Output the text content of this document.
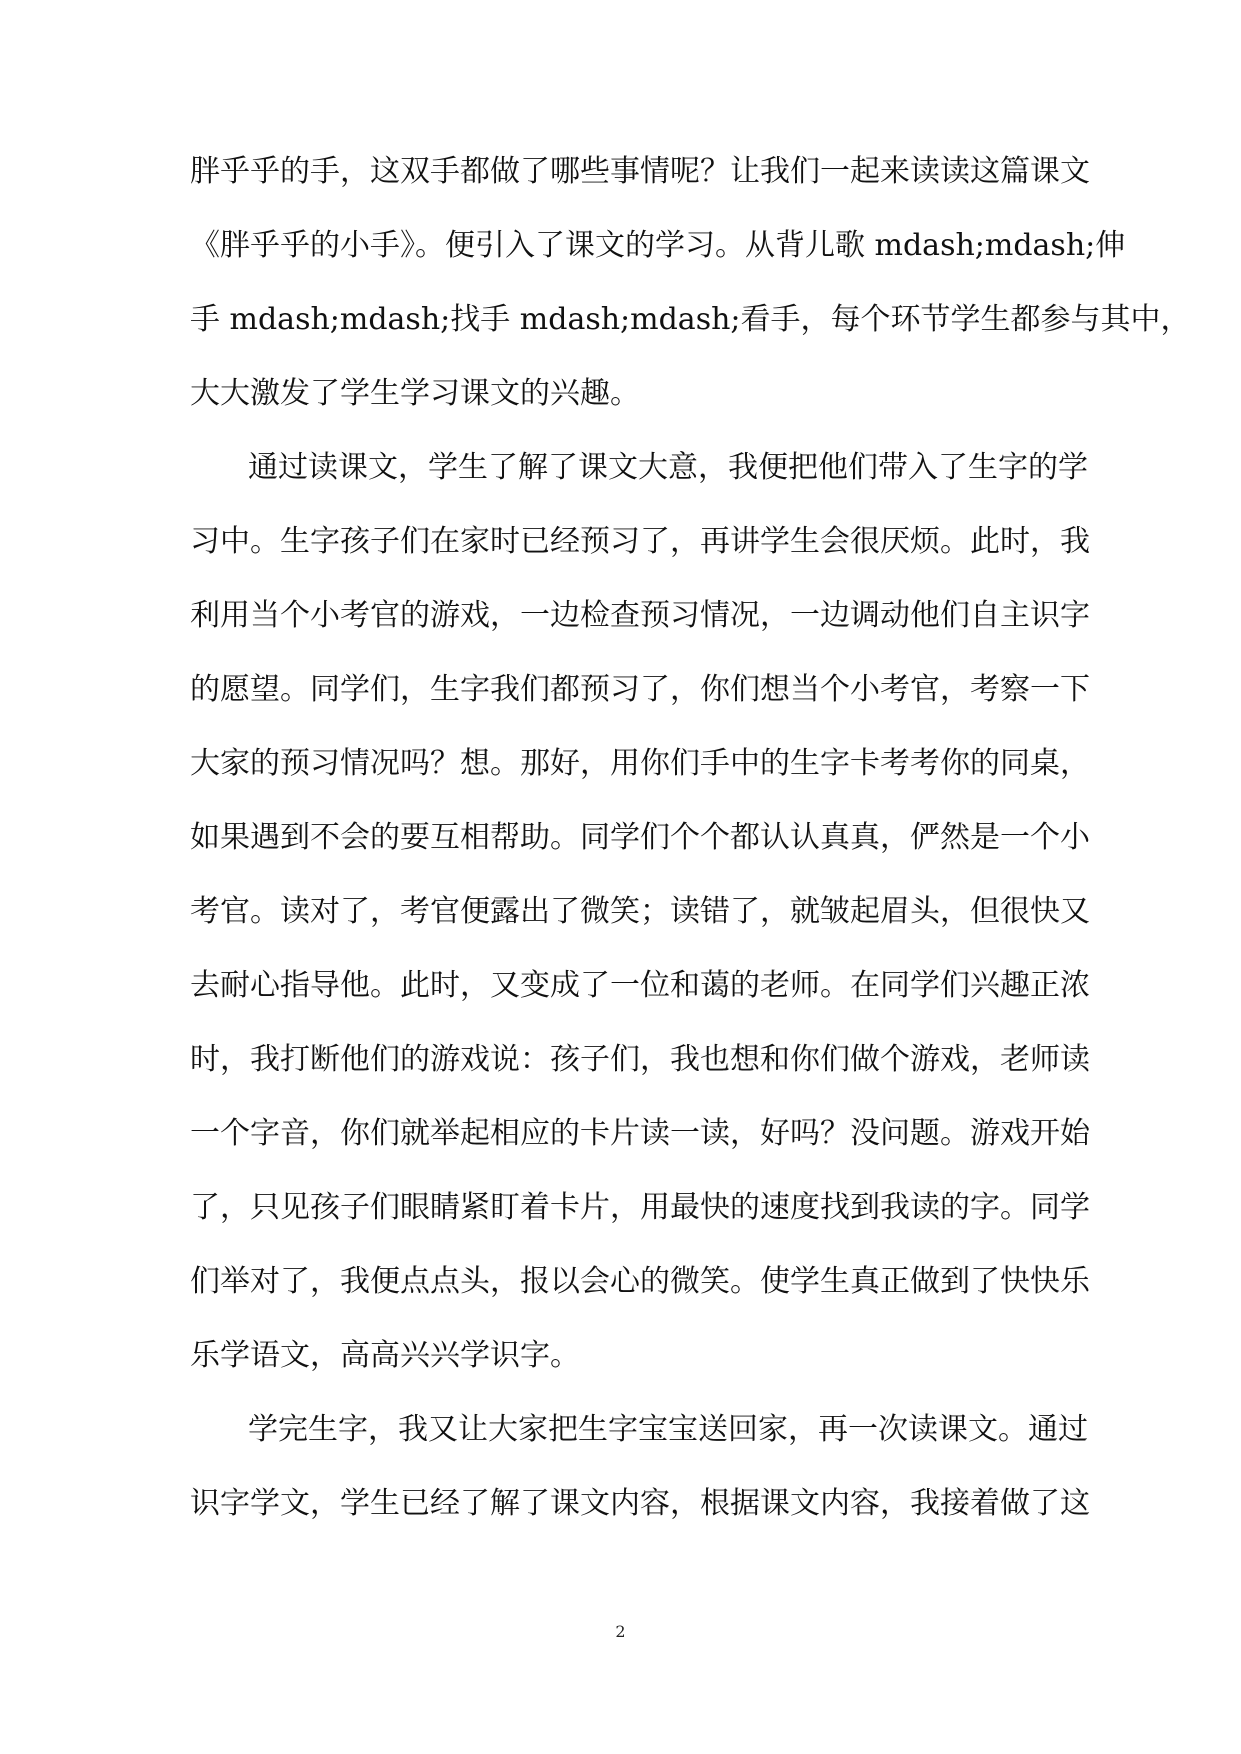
胖乎乎的手，这双手都做了哪些事情呢？让我们一起来读读这篇课文
《胖乎乎的小手》。便引入了课文的学习。从背儿歌 mdash;mdash;伸
手 mdash;mdash;找手 mdash;mdash;看手，每个环节学生都参与其中，
大大激发了学生学习课文的兴趣。
通过读课文，学生了解了课文大意，我便把他们带入了生字的学
习中。生字孩子们在家时已经预习了，再讲学生会很厌烦。此时，我
利用当个小考官的游戏，一边检查预习情况，一边调动他们自主识字
的愿望。同学们，生字我们都预习了，你们想当个小考官，考察一下
大家的预习情况吗？想。那好，用你们手中的生字卡考考你的同桌，
如果遇到不会的要互相帮助。同学们个个都认认真真，俨然是一个小
考官。读对了，考官便露出了微笑；读错了，就皱起眉头，但很快又
去耐心指导他。此时，又变成了一位和蔼的老师。在同学们兴趣正浓
时，我打断他们的游戏说：孩子们，我也想和你们做个游戏，老师读
一个字音，你们就举起相应的卡片读一读，好吗？没问题。游戏开始
了，只见孩子们眼睛紧盯着卡片，用最快的速度找到我读的字。同学
们举对了，我便点点头，报以会心的微笑。使学生真正做到了快快乐
乐学语文，高高兴兴学识字。
学完生字，我又让大家把生字宝宝送回家，再一次读课文。通过
识字学文，学生已经了解了课文内容，根据课文内容，我接着做了这
2
